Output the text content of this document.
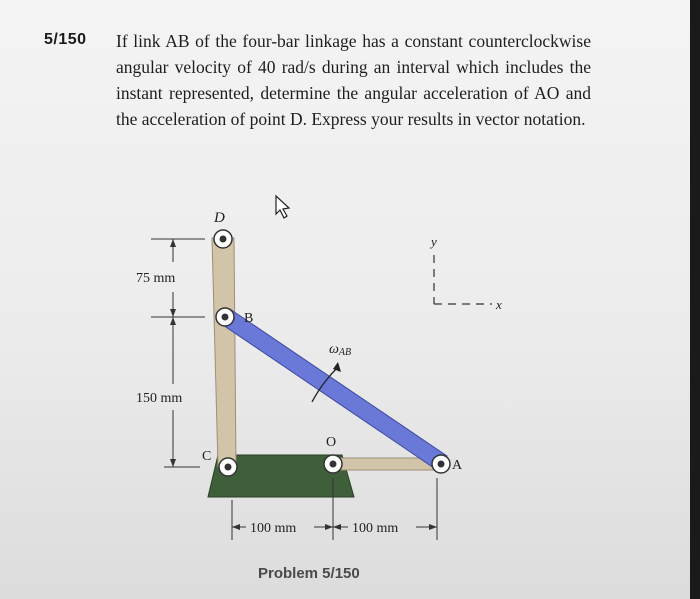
5/150 If link AB of the four-bar linkage has a constant counterclockwise angular velocity of 40 rad/s during an interval which includes the instant represented, determine the angular acceleration of AO and the acceleration of point D. Express your results in vector notation.

D
B
C
O
A
ωAB
y
x
75 mm
150 mm
100 mm	100 mm
Problem 5/150
